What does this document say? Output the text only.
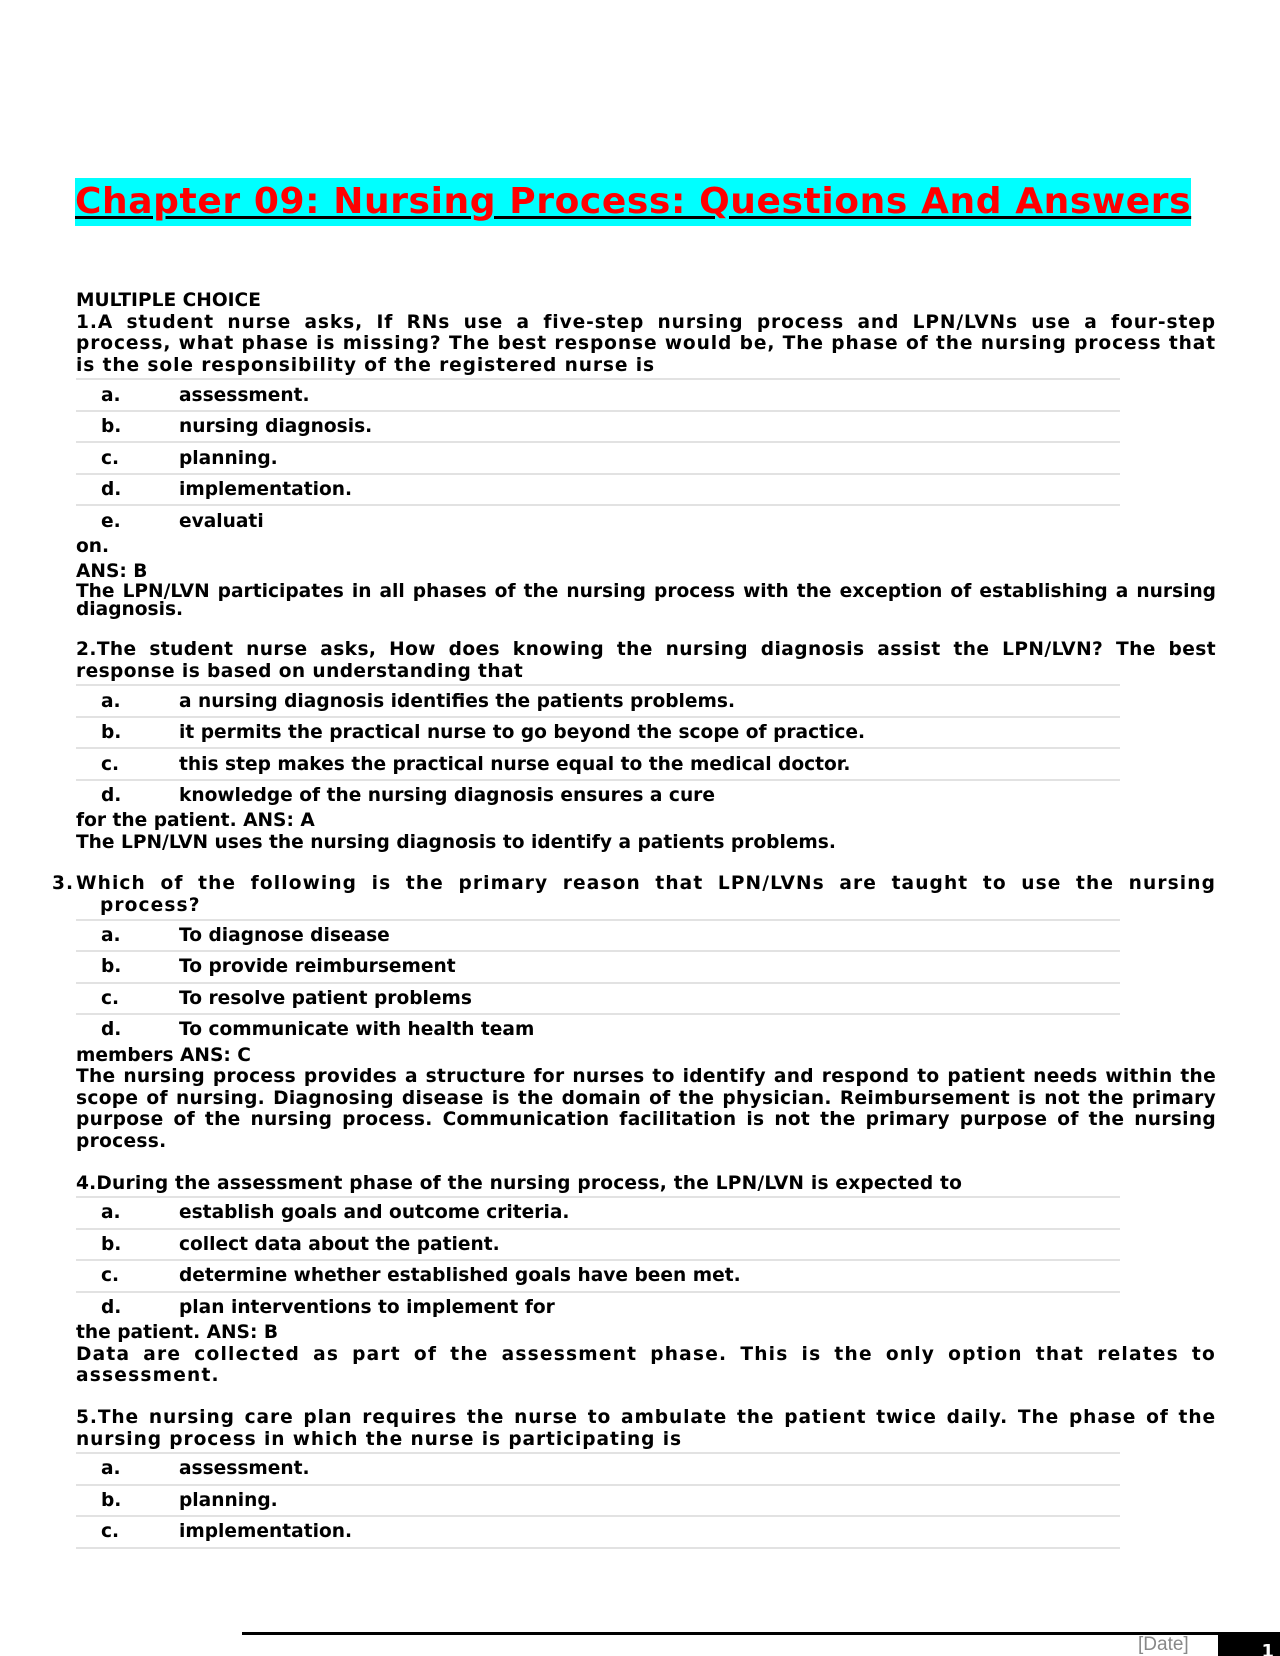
Chapter 09: Nursing Process: Questions And Answers

MULTIPLE CHOICE

1.A student nurse asks, If RNs use a five-step nursing process and LPN/LVNs use a four-step process, what phase is missing? The best response would be, The phase of the nursing process that is the sole responsibility of the registered nurse is

a.	assessment.
b.	nursing diagnosis.
c.	planning.
d.	implementation.
e.	evaluati

on.

ANS: B

The LPN/LVN participates in all phases of the nursing process with the exception of establishing a nursing diagnosis.

2.The student nurse asks, How does knowing the nursing diagnosis assist the LPN/LVN? The best response is based on understanding that

a.	a nursing diagnosis identifies the patients problems.
b.	it permits the practical nurse to go beyond the scope of practice.
c.	this step makes the practical nurse equal to the medical doctor.
d.	knowledge of the nursing diagnosis ensures a cure

for the patient. ANS: A

The LPN/LVN uses the nursing diagnosis to identify a patients problems.

3.Which of the following is the primary reason that LPN/LVNs are taught to use the nursing process?

a.	To diagnose disease
b.	To provide reimbursement
c.	To resolve patient problems
d.	To communicate with health team

members ANS: C

The nursing process provides a structure for nurses to identify and respond to patient needs within the scope of nursing. Diagnosing disease is the domain of the physician. Reimbursement is not the primary purpose of the nursing process. Communication facilitation is not the primary purpose of the nursing process.

4.During the assessment phase of the nursing process, the LPN/LVN is expected to

a.	establish goals and outcome criteria.
b.	collect data about the patient.
c.	determine whether established goals have been met.
d.	plan interventions to implement for

the patient. ANS: B

Data are collected as part of the assessment phase. This is the only option that relates to assessment.

5.The nursing care plan requires the nurse to ambulate the patient twice daily. The phase of the nursing process in which the nurse is participating is

a.	assessment.
b.	planning.
c.	implementation.
[Date]	1
